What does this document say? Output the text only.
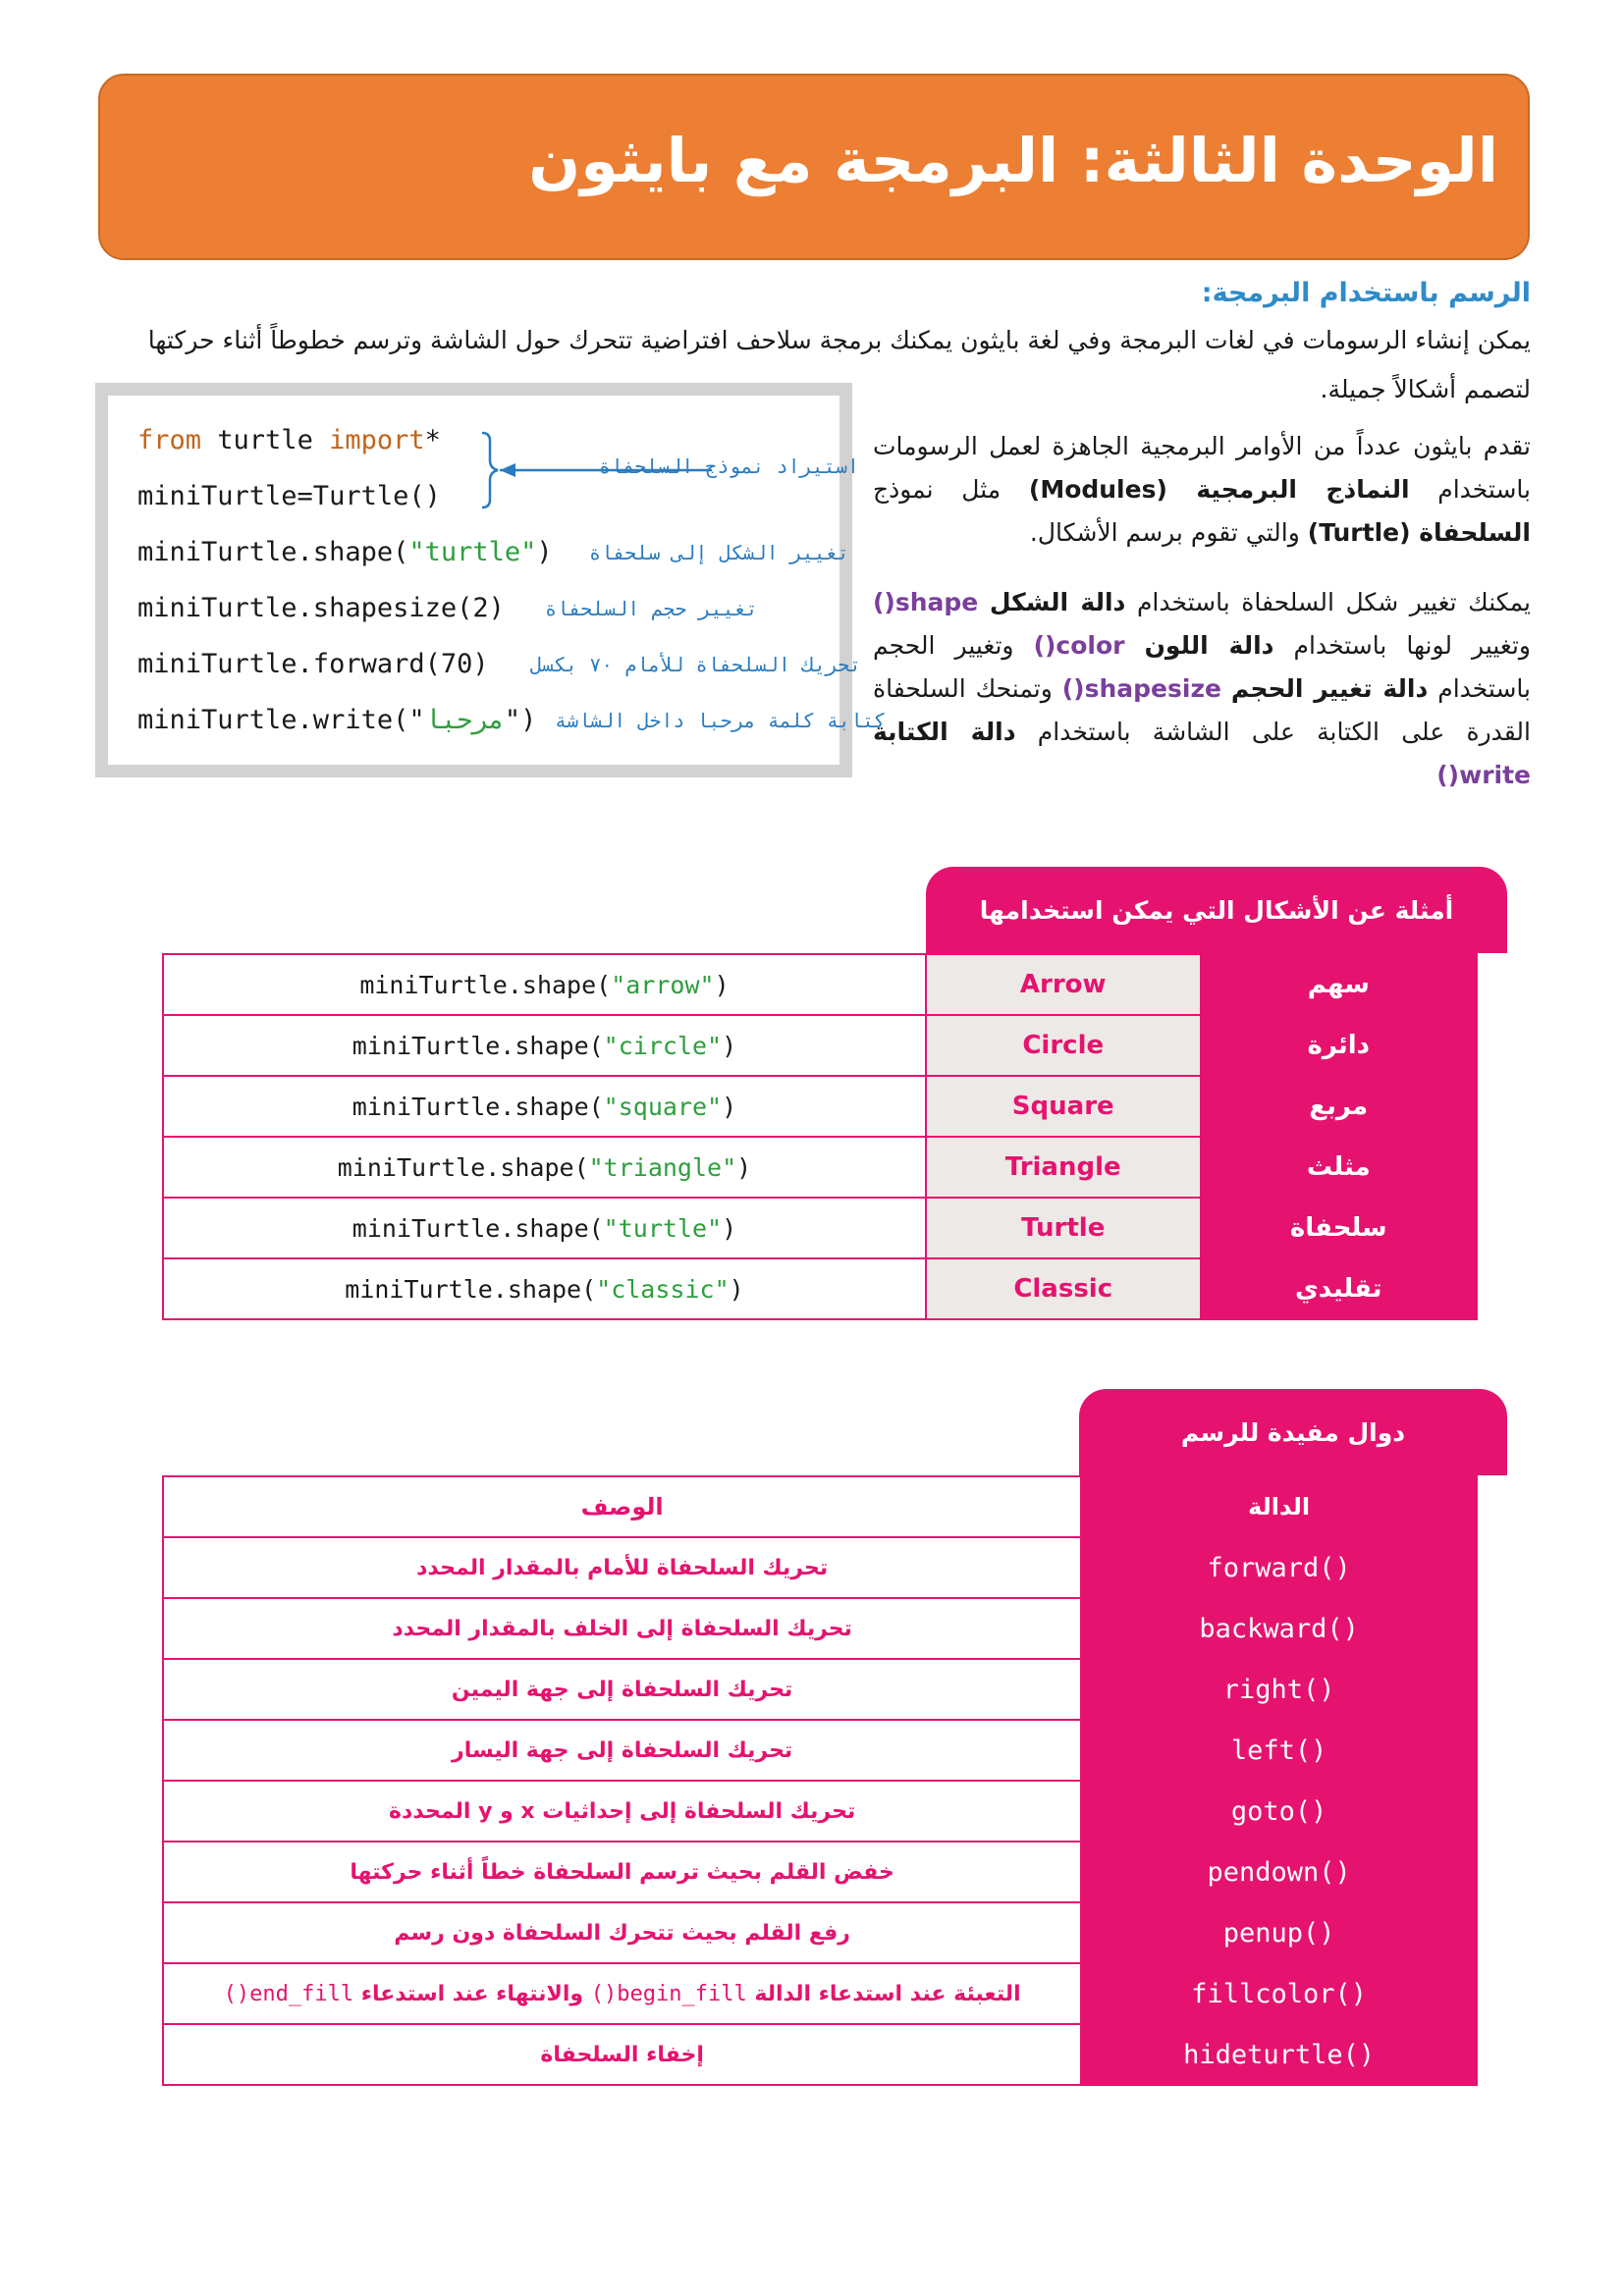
الوحدة الثالثة: البرمجة مع بايثون
الرسم باستخدام البرمجة:
يمكن إنشاء الرسومات في لغات البرمجة وفي لغة بايثون يمكنك برمجة سلاحف افتراضية تتحرك حول الشاشة وترسم خطوطاً أثناء حركتها لتصمم أشكالاً جميلة.
from turtle import*
miniTurtle=Turtle()
miniTurtle.shape("turtle")
miniTurtle.shapesize(2)
miniTurtle.forward(70)
miniTurtle.write("مرحبا")
استيراد نموذج السلحفاة
تغيير الشكل إلى سلحفاة
تغيير حجم السلحفاة
تحريك السلحفاة للأمام ٧٠ بكسل
كتابة كلمة مرحبا داخل الشاشة
تقدم بايثون عدداً من الأوامر البرمجية الجاهزة لعمل الرسومات باستخدام النماذج البرمجية (Modules) مثل نموذج السلحفاة (Turtle) والتي تقوم برسم الأشكال.
يمكنك تغيير شكل السلحفاة باستخدام دالة الشكل shape() وتغيير لونها باستخدام دالة اللون color() وتغيير الحجم باستخدام دالة تغيير الحجم shapesize() وتمنحك السلحفاة القدرة على الكتابة على الشاشة باستخدام دالة الكتابة write()
أمثلة عن الأشكال التي يمكن استخدامها
miniTurtle.shape("arrow")	Arrow	سهم
miniTurtle.shape("circle")	Circle	دائرة
miniTurtle.shape("square")	Square	مربع
miniTurtle.shape("triangle")	Triangle	مثلث
miniTurtle.shape("turtle")	Turtle	سلحفاة
miniTurtle.shape("classic")	Classic	تقليدي
دوال مفيدة للرسم
الوصف	الدالة
تحريك السلحفاة للأمام بالمقدار المحدد	forward()
تحريك السلحفاة إلى الخلف بالمقدار المحدد	backward()
تحريك السلحفاة إلى جهة اليمين	right()
تحريك السلحفاة إلى جهة اليسار	left()
تحريك السلحفاة إلى إحداثيات x و y المحددة	goto()
خفض القلم بحيث ترسم السلحفاة خطاً أثناء حركتها	pendown()
رفع القلم بحيث تتحرك السلحفاة دون رسم	penup()
التعبئة عند استدعاء الدالة begin_fill() والانتهاء عند استدعاء end_fill()	fillcolor()
إخفاء السلحفاة	hideturtle()
